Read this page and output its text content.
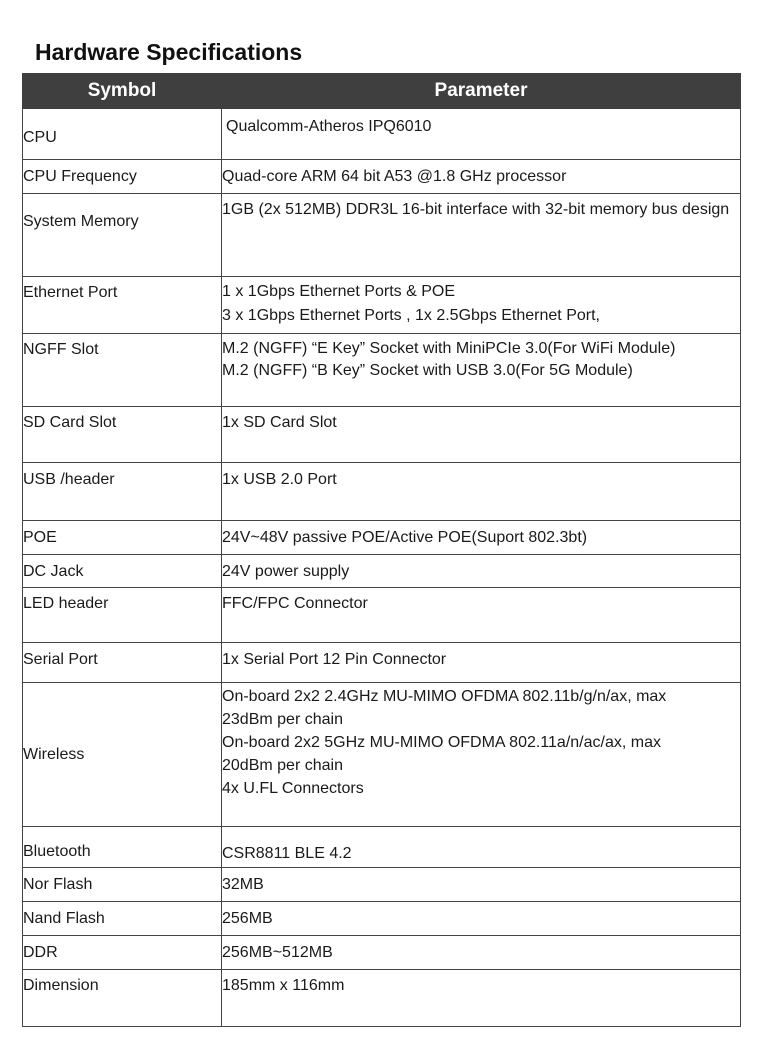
Hardware Specifications
Symbol	Parameter

CPU	Qualcomm-Atheros IPQ6010

CPU Frequency	Quad-core ARM 64 bit A53 @1.8 GHz processor

System Memory	1GB (2x 512MB) DDR3L 16-bit interface with 32-bit memory bus design

Ethernet Port	1 x 1Gbps Ethernet Ports & POE
3 x 1Gbps Ethernet Ports , 1x 2.5Gbps Ethernet Port,

NGFF Slot	M.2 (NGFF) “E Key” Socket with MiniPCIe 3.0(For WiFi Module)
M.2 (NGFF) “B Key” Socket with USB 3.0(For 5G Module)

SD Card Slot	1x SD Card Slot

USB /header	1x USB 2.0 Port

POE	24V~48V passive POE/Active POE(Suport 802.3bt)

DC Jack	24V power supply

LED header	FFC/FPC Connector

Serial Port	1x Serial Port 12 Pin Connector

Wireless	On-board 2x2 2.4GHz MU-MIMO OFDMA 802.11b/g/n/ax, max 23dBm per chain
On-board 2x2 5GHz MU-MIMO OFDMA 802.11a/n/ac/ax, max 20dBm per chain
4x U.FL Connectors

Bluetooth	CSR8811 BLE 4.2

Nor Flash	32MB

Nand Flash	256MB

DDR	256MB~512MB

Dimension	185mm x 116mm
